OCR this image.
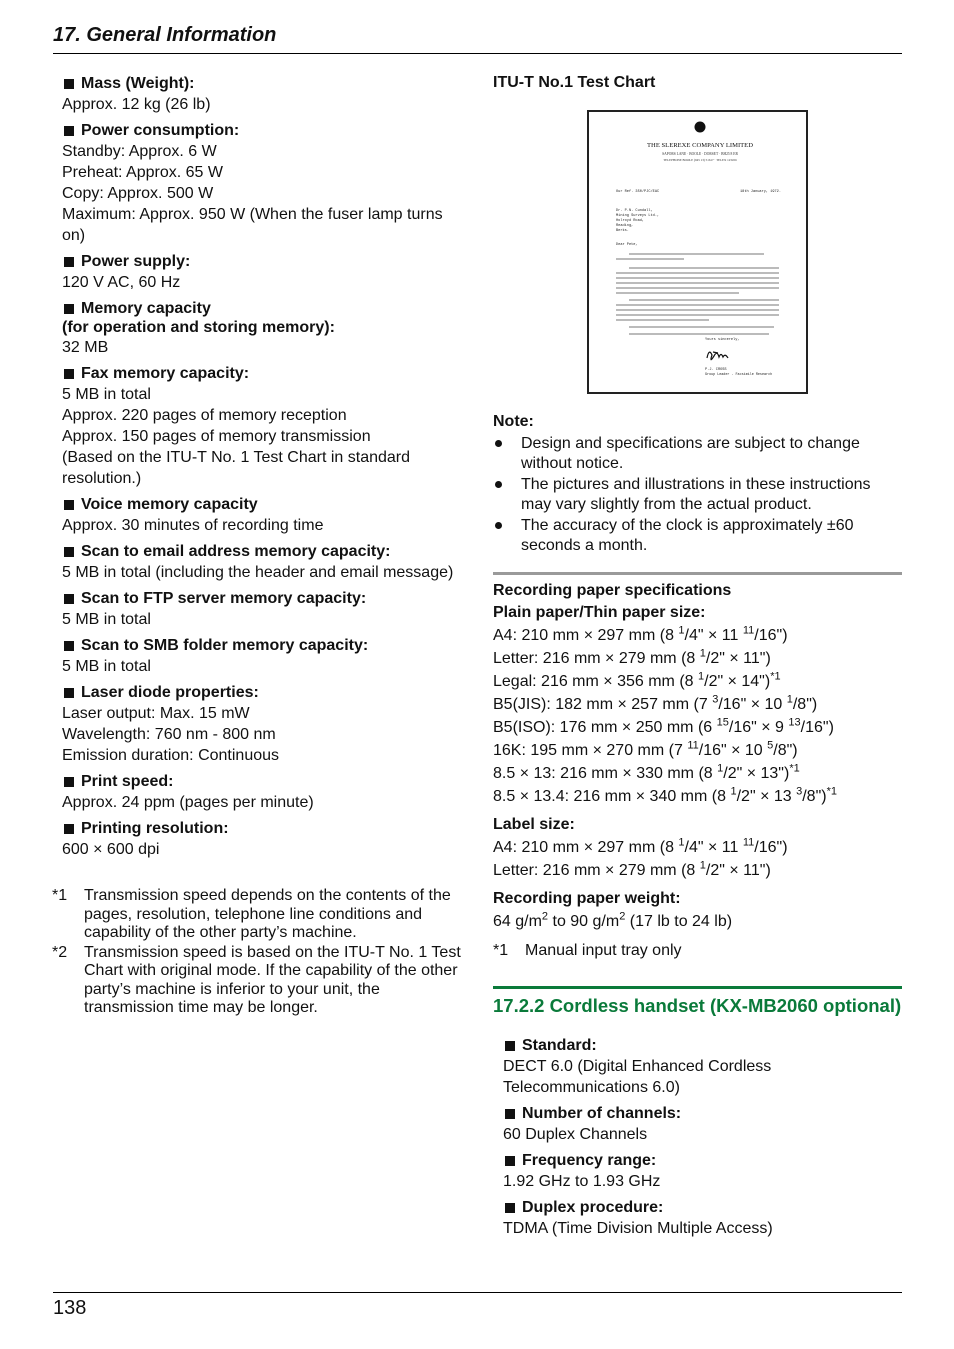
17. General Information
Mass (Weight):
Approx. 12 kg (26 lb)
Power consumption:
Standby: Approx. 6 W
Preheat: Approx. 65 W
Copy: Approx. 500 W
Maximum: Approx. 950 W (When the fuser lamp turns on)
Power supply:
120 V AC, 60 Hz
Memory capacity
(for operation and storing memory):
32 MB
Fax memory capacity:
5 MB in total
Approx. 220 pages of memory reception
Approx. 150 pages of memory transmission
(Based on the ITU-T No. 1 Test Chart in standard resolution.)
Voice memory capacity
Approx. 30 minutes of recording time
Scan to email address memory capacity:
5 MB in total (including the header and email message)
Scan to FTP server memory capacity:
5 MB in total
Scan to SMB folder memory capacity:
5 MB in total
Laser diode properties:
Laser output: Max. 15 mW
Wavelength: 760 nm - 800 nm
Emission duration: Continuous
Print speed:
Approx. 24 ppm (pages per minute)
Printing resolution:
600 × 600 dpi
*1	Transmission speed depends on the contents of the pages, resolution, telephone line conditions and capability of the other party’s machine.
*2	Transmission speed is based on the ITU-T No. 1 Test Chart with original mode. If the capability of the other party’s machine is inferior to your unit, the transmission time may be longer.
ITU-T No.1 Test Chart
THE SLEREXE COMPANY LIMITED
SAPORS LANE · BOOLE · DORSET · BH25 8 ER
TELEPHONE BOOLE (945 13) 51617 · TELEX 123456
Our Ref. 350/PJC/EAC	18th January, 1972.
Dr. P.N. Cundall,
Mining Surveys Ltd.,
Holroyd Road,
Reading,
Berks.
Dear Pete,
Yours sincerely,
P.J. CROSS
Group Leader - Facsimile Research
Note:
Design and specifications are subject to change without notice.
The pictures and illustrations in these instructions may vary slightly from the actual product.
The accuracy of the clock is approximately ±60 seconds a month.
Recording paper specifications
Plain paper/Thin paper size:
A4: 210 mm × 297 mm (8 $^1$/4" × 11 $^{11}$/16")
Letter: 216 mm × 279 mm (8 $^1$/2" × 11")
Legal: 216 mm × 356 mm (8 $^1$/2" × 14")$^{*1}$
B5(JIS): 182 mm × 257 mm (7 $^3$/16" × 10 $^1$/8")
B5(ISO): 176 mm × 250 mm (6 $^{15}$/16" × 9 $^{13}$/16")
16K: 195 mm × 270 mm (7 $^{11}$/16" × 10 $^5$/8")
8.5 × 13: 216 mm × 330 mm (8 $^1$/2" × 13")$^{*1}$
8.5 × 13.4: 216 mm × 340 mm (8 $^1$/2" × 13 $^3$/8")$^{*1}$
Label size:
A4: 210 mm × 297 mm (8 $^1$/4" × 11 $^{11}$/16")
Letter: 216 mm × 279 mm (8 $^1$/2" × 11")
Recording paper weight:
64 $g/m^2$ to 90 $g/m^2$ (17 lb to 24 lb)
*1 Manual input tray only
17.2.2 Cordless handset (KX-MB2060 optional)
Standard:
DECT 6.0 (Digital Enhanced Cordless Telecommunications 6.0)
Number of channels:
60 Duplex Channels
Frequency range:
1.92 GHz to 1.93 GHz
Duplex procedure:
TDMA (Time Division Multiple Access)
138
